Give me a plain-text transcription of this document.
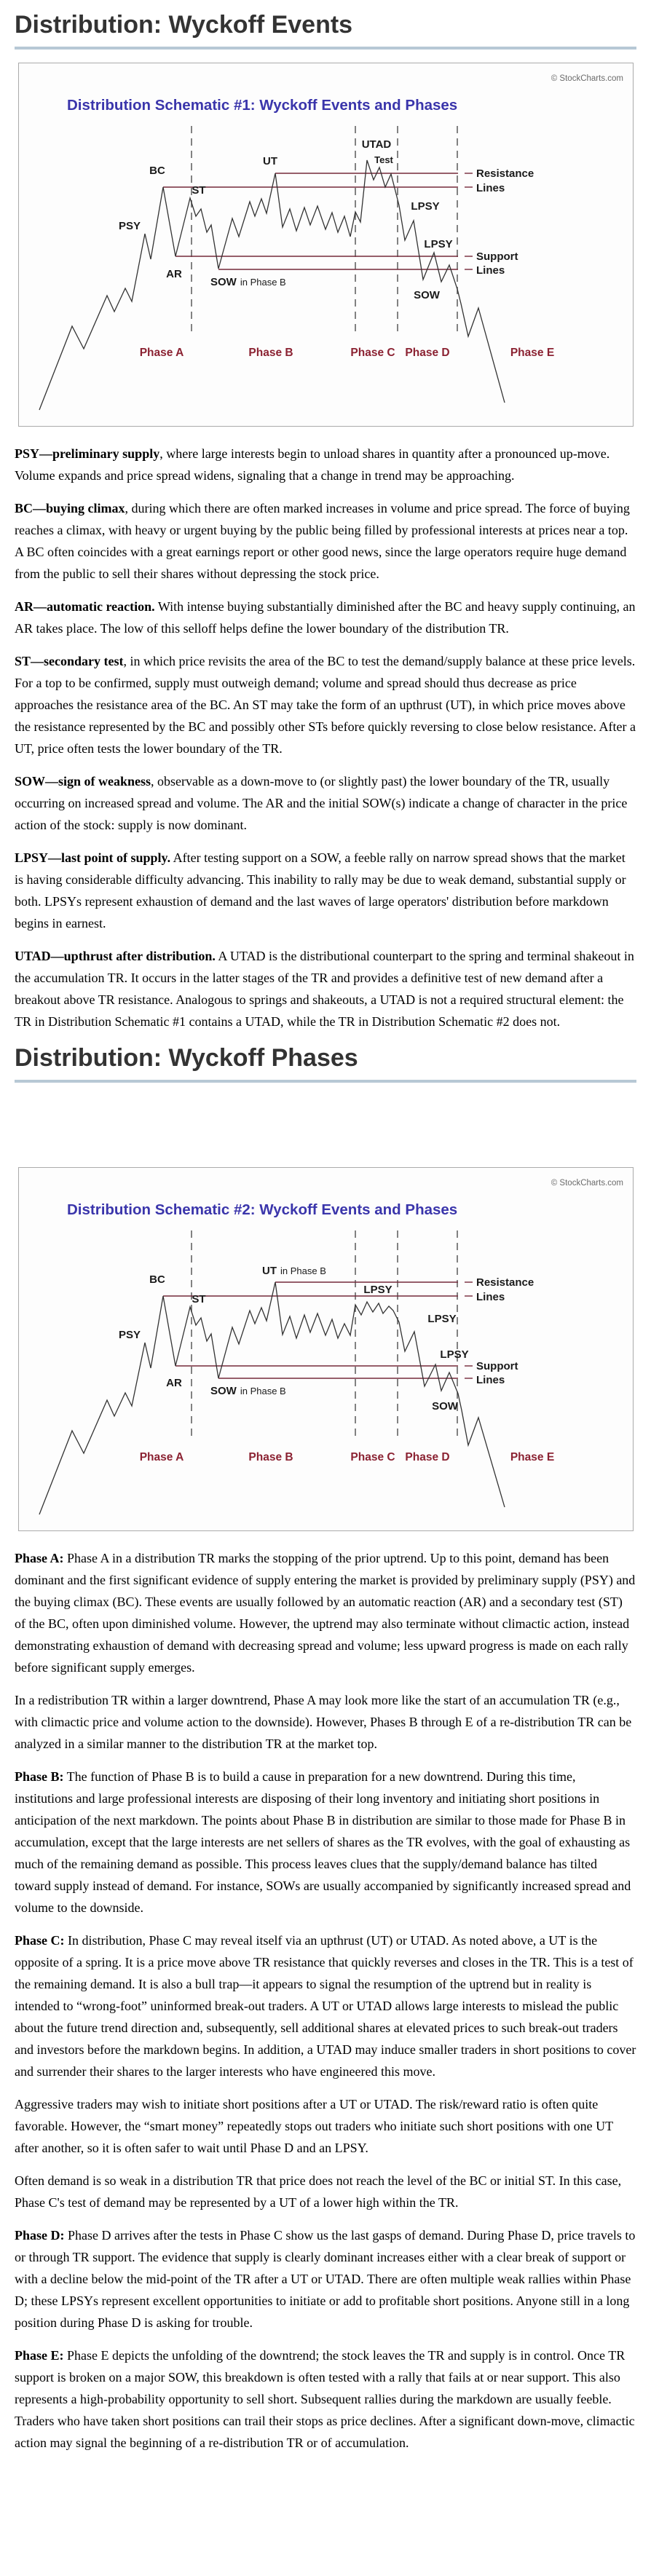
Distribution: Wyckoff Events
© StockCharts.com
Distribution Schematic #1: Wyckoff Events and Phases
PSY
BC
ST
AR
SOW in Phase B
UT
UTAD
Test
LPSY
LPSY
SOW
Resistance
Lines
Support
Lines
Phase A	Phase B	Phase C Phase D	Phase E

PSY—preliminary supply, where large interests begin to unload shares in quantity after a pronounced up-move. Volume expands and price spread widens, signaling that a change in trend may be approaching.

BC—buying climax, during which there are often marked increases in volume and price spread. The force of buying reaches a climax, with heavy or urgent buying by the public being filled by professional interests at prices near a top. A BC often coincides with a great earnings report or other good news, since the large operators require huge demand from the public to sell their shares without depressing the stock price.

AR—automatic reaction. With intense buying substantially diminished after the BC and heavy supply continuing, an AR takes place. The low of this selloff helps define the lower boundary of the distribution TR.

ST—secondary test, in which price revisits the area of the BC to test the demand/supply balance at these price levels. For a top to be confirmed, supply must outweigh demand; volume and spread should thus decrease as price approaches the resistance area of the BC. An ST may take the form of an upthrust (UT), in which price moves above the resistance represented by the BC and possibly other STs before quickly reversing to close below resistance. After a UT, price often tests the lower boundary of the TR.

SOW—sign of weakness, observable as a down-move to (or slightly past) the lower boundary of the TR, usually occurring on increased spread and volume. The AR and the initial SOW(s) indicate a change of character in the price action of the stock: supply is now dominant.

LPSY—last point of supply. After testing support on a SOW, a feeble rally on narrow spread shows that the market is having considerable difficulty advancing. This inability to rally may be due to weak demand, substantial supply or both. LPSYs represent exhaustion of demand and the last waves of large operators' distribution before markdown begins in earnest.

UTAD—upthrust after distribution. A UTAD is the distributional counterpart to the spring and terminal shakeout in the accumulation TR. It occurs in the latter stages of the TR and provides a definitive test of new demand after a breakout above TR resistance. Analogous to springs and shakeouts, a UTAD is not a required structural element: the TR in Distribution Schematic #1 contains a UTAD, while the TR in Distribution Schematic #2 does not.

Distribution: Wyckoff Phases
© StockCharts.com
Distribution Schematic #2: Wyckoff Events and Phases
PSY
BC
ST
AR
SOW in Phase B
UT in Phase B
LPSY
LPSY
LPSY
SOW
Resistance
Lines
Support
Lines
Phase A	Phase B	Phase C Phase D	Phase E

Phase A: Phase A in a distribution TR marks the stopping of the prior uptrend. Up to this point, demand has been dominant and the first significant evidence of supply entering the market is provided by preliminary supply (PSY) and the buying climax (BC). These events are usually followed by an automatic reaction (AR) and a secondary test (ST) of the BC, often upon diminished volume. However, the uptrend may also terminate without climactic action, instead demonstrating exhaustion of demand with decreasing spread and volume; less upward progress is made on each rally before significant supply emerges.

In a redistribution TR within a larger downtrend, Phase A may look more like the start of an accumulation TR (e.g., with climactic price and volume action to the downside). However, Phases B through E of a re-distribution TR can be analyzed in a similar manner to the distribution TR at the market top.

Phase B: The function of Phase B is to build a cause in preparation for a new downtrend. During this time, institutions and large professional interests are disposing of their long inventory and initiating short positions in anticipation of the next markdown. The points about Phase B in distribution are similar to those made for Phase B in accumulation, except that the large interests are net sellers of shares as the TR evolves, with the goal of exhausting as much of the remaining demand as possible. This process leaves clues that the supply/demand balance has tilted toward supply instead of demand. For instance, SOWs are usually accompanied by significantly increased spread and volume to the downside.

Phase C: In distribution, Phase C may reveal itself via an upthrust (UT) or UTAD. As noted above, a UT is the opposite of a spring. It is a price move above TR resistance that quickly reverses and closes in the TR. This is a test of the remaining demand. It is also a bull trap—it appears to signal the resumption of the uptrend but in reality is intended to “wrong-foot” uninformed break-out traders. A UT or UTAD allows large interests to mislead the public about the future trend direction and, subsequently, sell additional shares at elevated prices to such break-out traders and investors before the markdown begins. In addition, a UTAD may induce smaller traders in short positions to cover and surrender their shares to the larger interests who have engineered this move.

Aggressive traders may wish to initiate short positions after a UT or UTAD. The risk/reward ratio is often quite favorable. However, the “smart money” repeatedly stops out traders who initiate such short positions with one UT after another, so it is often safer to wait until Phase D and an LPSY.

Often demand is so weak in a distribution TR that price does not reach the level of the BC or initial ST. In this case, Phase C's test of demand may be represented by a UT of a lower high within the TR.

Phase D: Phase D arrives after the tests in Phase C show us the last gasps of demand. During Phase D, price travels to or through TR support. The evidence that supply is clearly dominant increases either with a clear break of support or with a decline below the mid-point of the TR after a UT or UTAD. There are often multiple weak rallies within Phase D; these LPSYs represent excellent opportunities to initiate or add to profitable short positions. Anyone still in a long position during Phase D is asking for trouble.

Phase E: Phase E depicts the unfolding of the downtrend; the stock leaves the TR and supply is in control. Once TR support is broken on a major SOW, this breakdown is often tested with a rally that fails at or near support. This also represents a high-probability opportunity to sell short. Subsequent rallies during the markdown are usually feeble. Traders who have taken short positions can trail their stops as price declines. After a significant down-move, climactic action may signal the beginning of a re-distribution TR or of accumulation.
